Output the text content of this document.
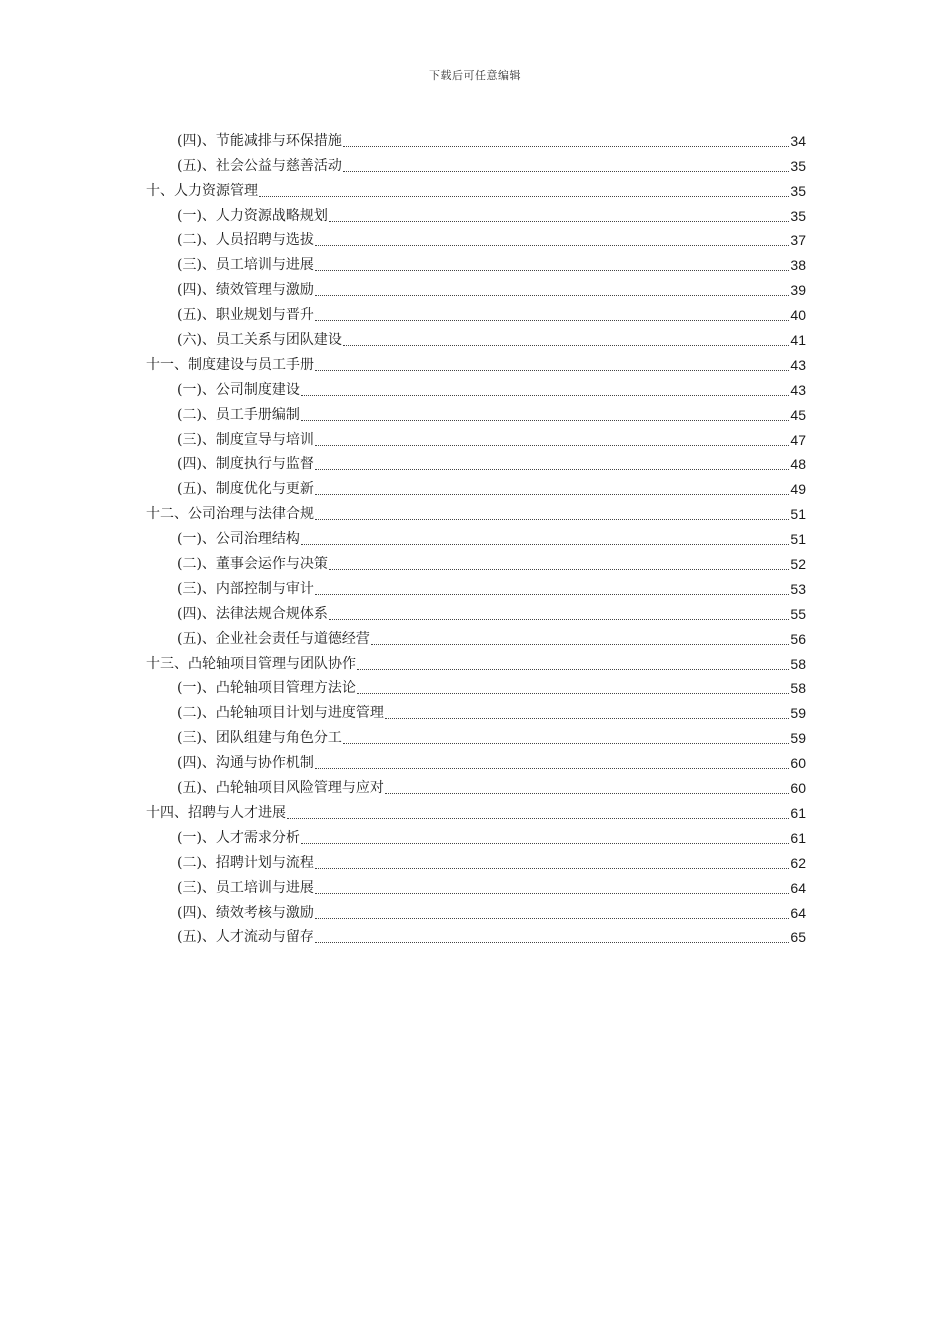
下载后可任意编辑
(四)、节能减排与环保措施	34
(五)、社会公益与慈善活动	35
十、人力资源管理	35
(一)、人力资源战略规划	35
(二)、人员招聘与选拔	37
(三)、员工培训与进展	38
(四)、绩效管理与激励	39
(五)、职业规划与晋升	40
(六)、员工关系与团队建设	41
十一、制度建设与员工手册	43
(一)、公司制度建设	43
(二)、员工手册编制	45
(三)、制度宣导与培训	47
(四)、制度执行与监督	48
(五)、制度优化与更新	49
十二、公司治理与法律合规	51
(一)、公司治理结构	51
(二)、董事会运作与决策	52
(三)、内部控制与审计	53
(四)、法律法规合规体系	55
(五)、企业社会责任与道德经营	56
十三、凸轮轴项目管理与团队协作	58
(一)、凸轮轴项目管理方法论	58
(二)、凸轮轴项目计划与进度管理	59
(三)、团队组建与角色分工	59
(四)、沟通与协作机制	60
(五)、凸轮轴项目风险管理与应对	60
十四、招聘与人才进展	61
(一)、人才需求分析	61
(二)、招聘计划与流程	62
(三)、员工培训与进展	64
(四)、绩效考核与激励	64
(五)、人才流动与留存	65
